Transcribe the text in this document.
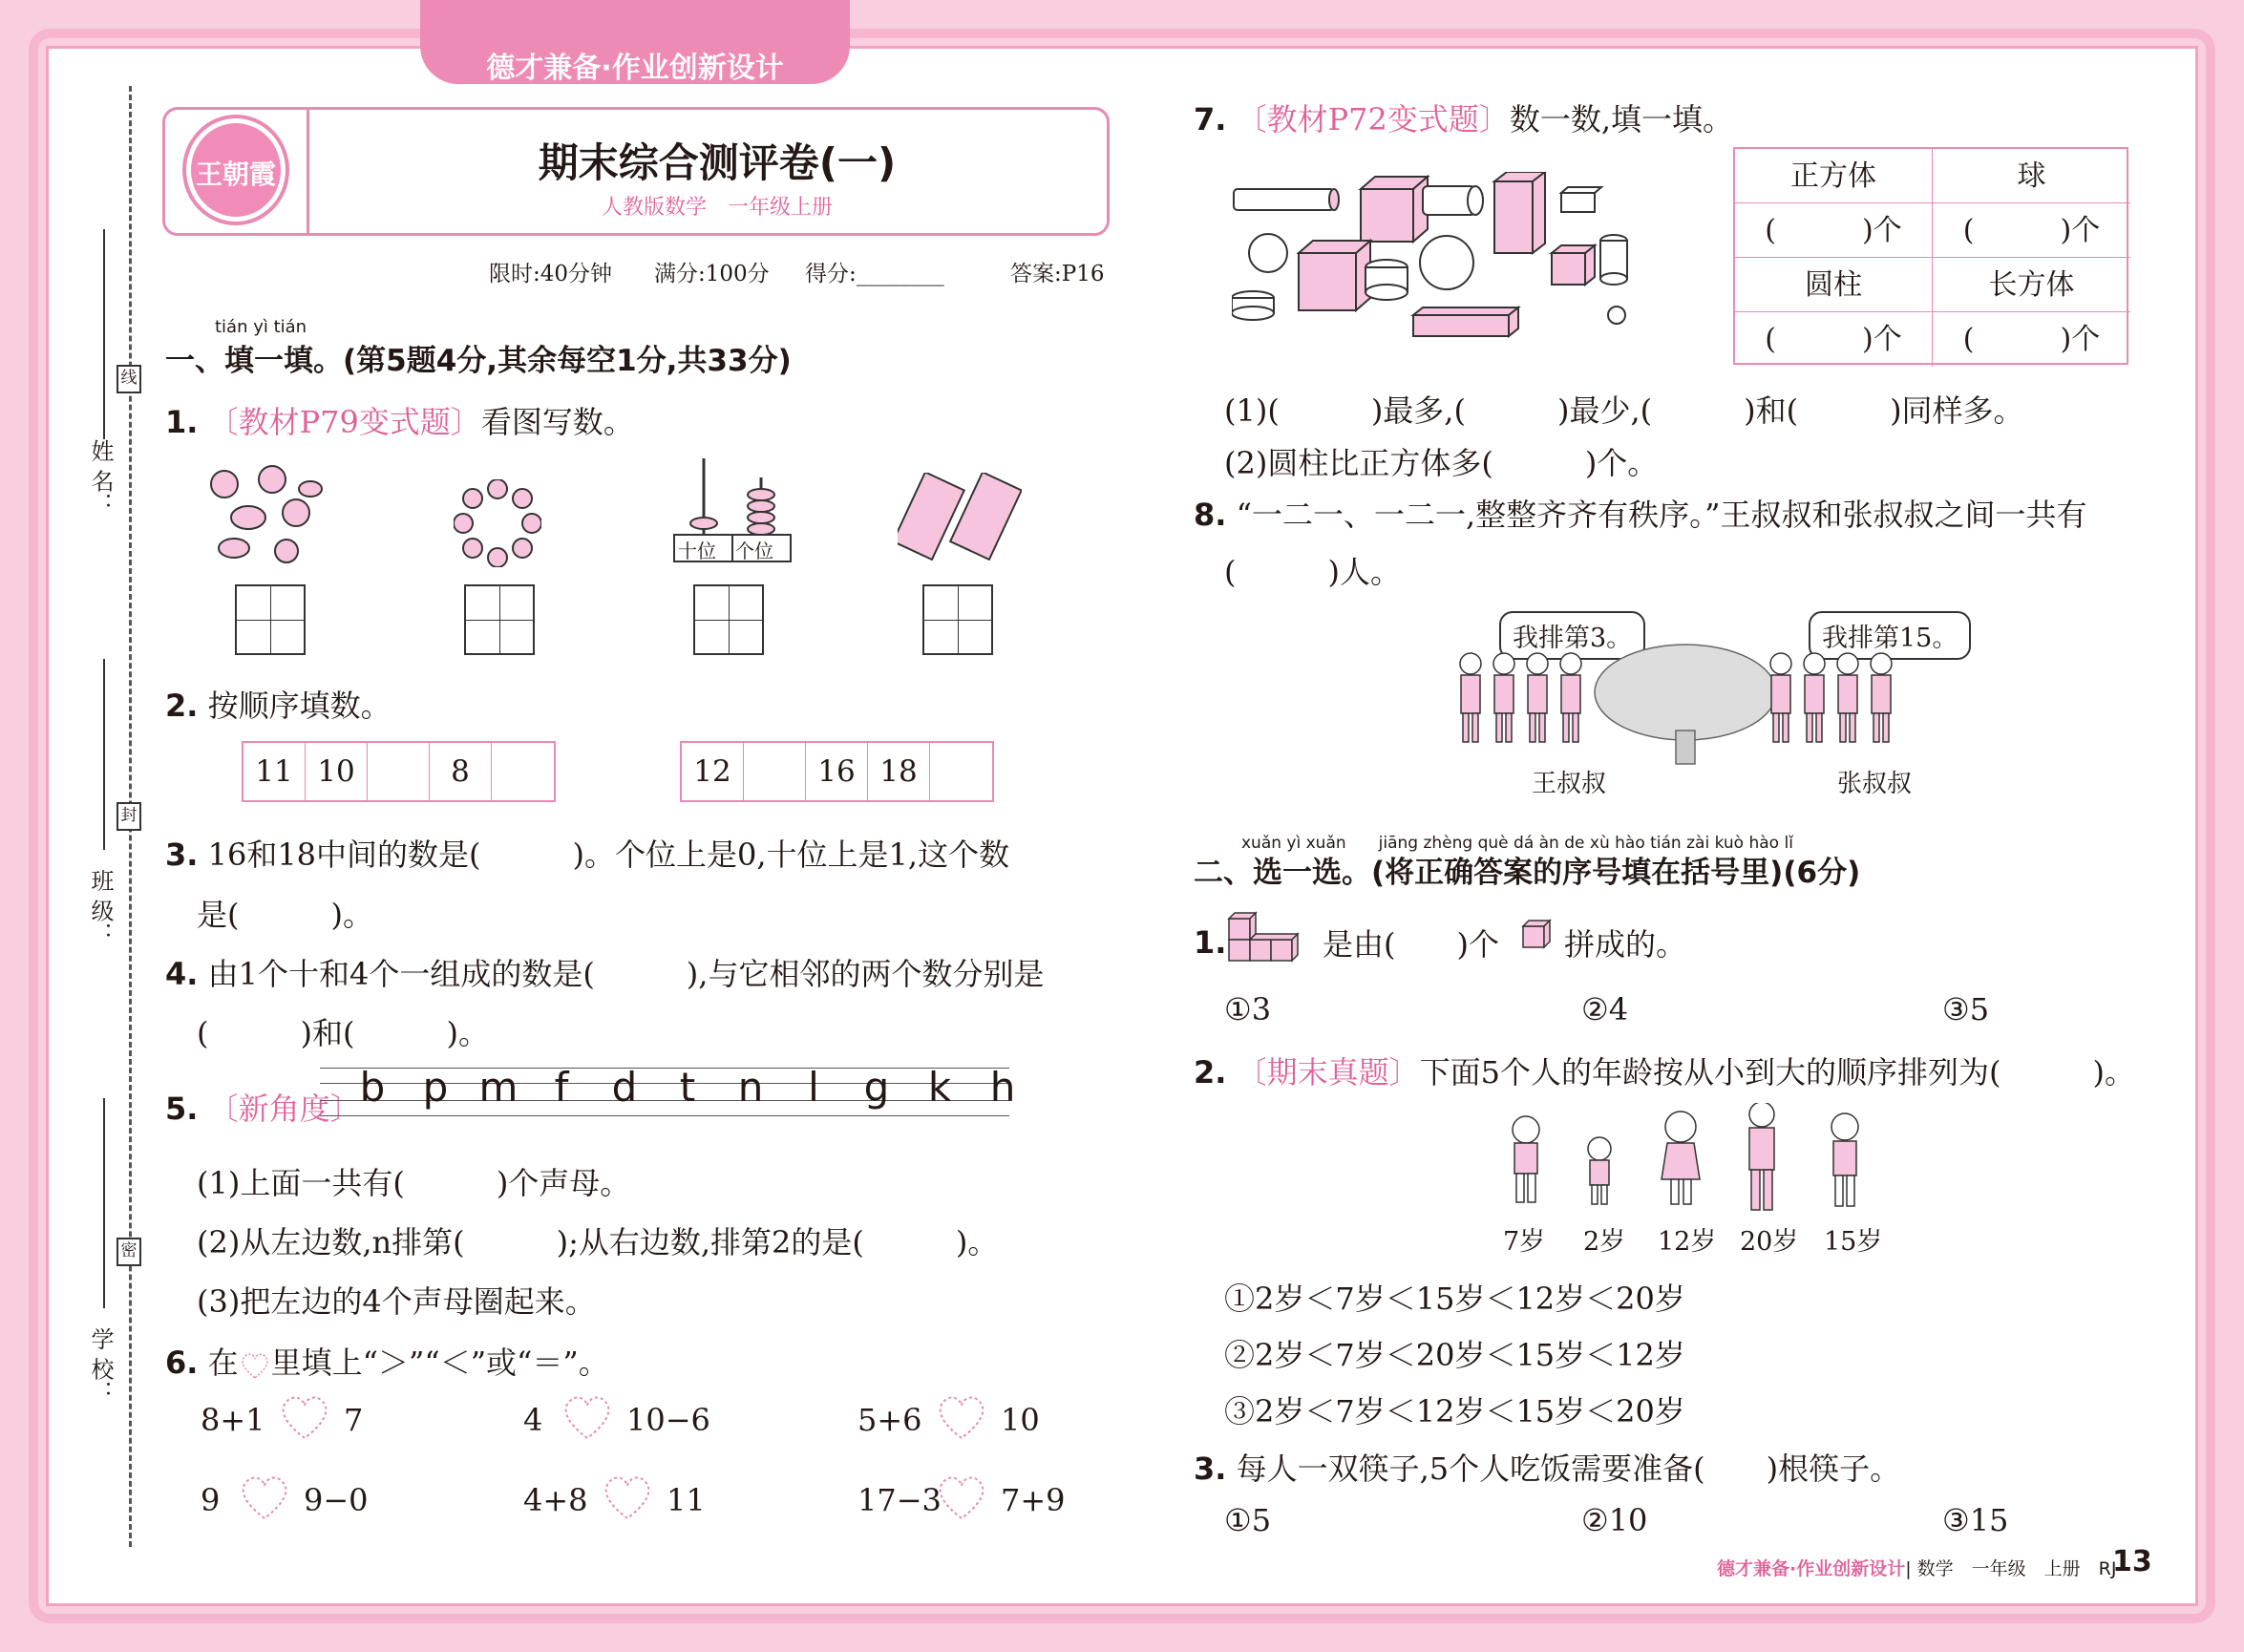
德才兼备·作业创新设计
姓 名：
线
班 级：
封
学 校：
密
王朝霞	期末综合测评卷(一)
人教版数学　一年级上册
限时:40分钟 满分:100分 得分:________	答案:P16
tián yì tián
一、填一填。(第5题4分,其余每空1分,共33分)
1. 〔教材P79变式题〕看图写数。
十位 个位
2. 按顺序填数。
11 10	8	12	16 18
3. 16和18中间的数是(　　　)。个位上是0,十位上是1,这个数
是(　　　)。
4. 由1个十和4个一组成的数是(　　　),与它相邻的两个数分别是
(　　　)和(　　　)。
5. 〔新角度〕 b p m f	d	t	n	l	g k h
(1)上面一共有(　　　)个声母。
(2)从左边数,n排第(　　　);从右边数,排第2的是(　　　)。
(3)把左边的4个声母圈起来。
6. 在 里填上“＞”“＜”或“＝”。
8+1	7	4	10−6	5+6	10
9	9−0	4+8	11	17−3 7+9
7. 〔教材P72变式题〕数一数,填一填。
正方体	球
(　　　)个	(　　　)个
圆柱	长方体
(　　　)个	(　　　)个
(1)(　　　)最多,(　　　)最少,(　　　)和(　　　)同样多。
(2)圆柱比正方体多(　　　)个。
8. “一二一、一二一,整整齐齐有秩序。”王叔叔和张叔叔之间一共有
(　　　)人。
我排第3。	我排第15。
王叔叔	张叔叔
xuǎn yì xuǎn　　jiāng zhèng què dá àn de xù hào tián zài kuò hào lǐ
二、选一选。(将正确答案的序号填在括号里)(6分)
1.	是由(　　)个 拼成的。
①3	②4	③5
2. 〔期末真题〕下面5个人的年龄按从小到大的顺序排列为(　　　)。
7岁 2岁 12岁 20岁 15岁
①2岁＜7岁＜15岁＜12岁＜20岁
②2岁＜7岁＜20岁＜15岁＜12岁
③2岁＜7岁＜12岁＜15岁＜20岁
3. 每人一双筷子,5个人吃饭需要准备(　　)根筷子。
①5	②10	③15
德才兼备·作业创新设计| 数学　一年级　上册　RJ
13
